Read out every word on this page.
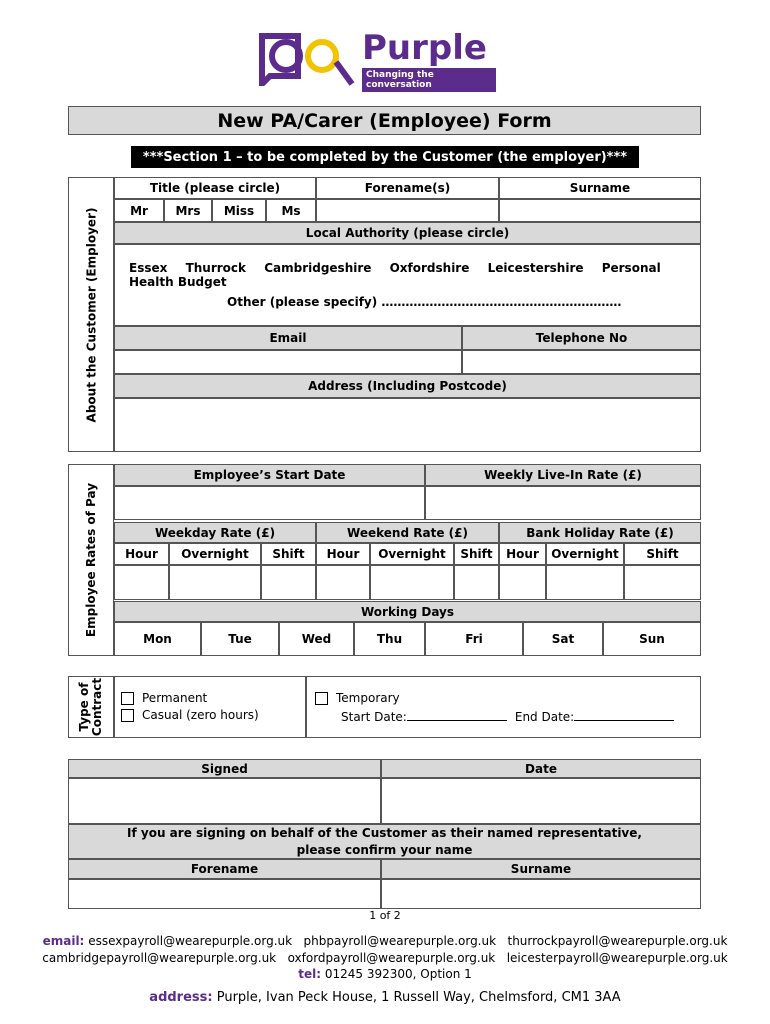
Purple
Changing the conversation
New PA/Carer (Employee) Form
***Section 1 – to be completed by the Customer (the employer)***
About the Customer (Employer)
Title (please circle)	Forename(s)	Surname
Mr	Mrs	Miss	Ms
Local Authority (please circle)
Essex Thurrock Cambridgeshire Oxfordshire Leicestershire Personal Health Budget
Other (please specify) ……………………………………………………
Email	Telephone No
Address (Including Postcode)
Employee Rates of Pay
Employee’s Start Date	Weekly Live-In Rate (£)
Weekday Rate (£)	Weekend Rate (£)	Bank Holiday Rate (£)
Hour	Overnight	Shift	Hour	Overnight	Shift	Hour	Overnight	Shift
Working Days
Mon	Tue	Wed	Thu	Fri	Sat	Sun
Type of Contract	Permanent
Casual (zero hours)
Temporary
Start Date:	End Date:
Signed	Date
If you are signing on behalf of the Customer as their named representative,
please confirm your name
Forename	Surname
1 of 2
email: essexpayroll@wearepurple.org.uk   phbpayroll@wearepurple.org.uk   thurrockpayroll@wearepurple.org.uk
cambridgepayroll@wearepurple.org.uk   oxfordpayroll@wearepurple.org.uk   leicesterpayroll@wearepurple.org.uk
tel: 01245 392300, Option 1
address: Purple, Ivan Peck House, 1 Russell Way, Chelmsford, CM1 3AA
